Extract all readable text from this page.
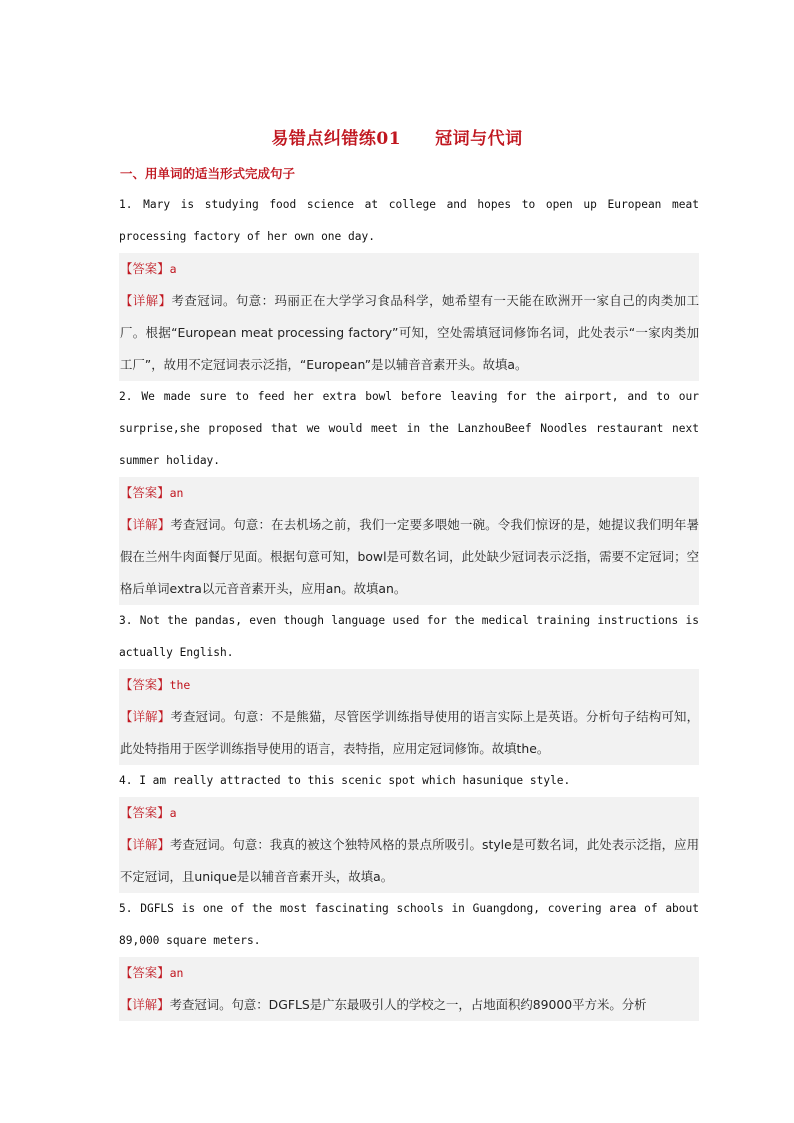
易错点纠错练01 冠词与代词
一、用单词的适当形式完成句子
1. Mary is studying food science at college and hopes to open up European meat processing factory of her own one day.
【答案】a
【详解】考查冠词。句意：玛丽正在大学学习食品科学，她希望有一天能在欧洲开一家自己的肉类加工厂。根据“European meat processing factory”可知，空处需填冠词修饰名词，此处表示“一家肉类加工厂”，故用不定冠词表示泛指，“European”是以辅音音素开头。故填a。
2. We made sure to feed her extra bowl before leaving for the airport, and to our surprise,she proposed that we would meet in the LanzhouBeef Noodles restaurant next summer holiday.
【答案】an
【详解】考查冠词。句意：在去机场之前，我们一定要多喂她一碗。令我们惊讶的是，她提议我们明年暑假在兰州牛肉面餐厅见面。根据句意可知，bowl是可数名词，此处缺少冠词表示泛指，需要不定冠词；空格后单词extra以元音音素开头，应用an。故填an。
3. Not the pandas, even though language used for the medical training instructions is actually English.
【答案】the
【详解】考查冠词。句意：不是熊猫，尽管医学训练指导使用的语言实际上是英语。分析句子结构可知，此处特指用于医学训练指导使用的语言，表特指，应用定冠词修饰。故填the。
4. I am really attracted to this scenic spot which hasunique style.
【答案】a
【详解】考查冠词。句意：我真的被这个独特风格的景点所吸引。style是可数名词，此处表示泛指，应用不定冠词，且unique是以辅音音素开头，故填a。
5. DGFLS is one of the most fascinating schools in Guangdong, covering area of about 89,000 square meters.
【答案】an
【详解】考查冠词。句意：DGFLS是广东最吸引人的学校之一，占地面积约89000平方米。分析
